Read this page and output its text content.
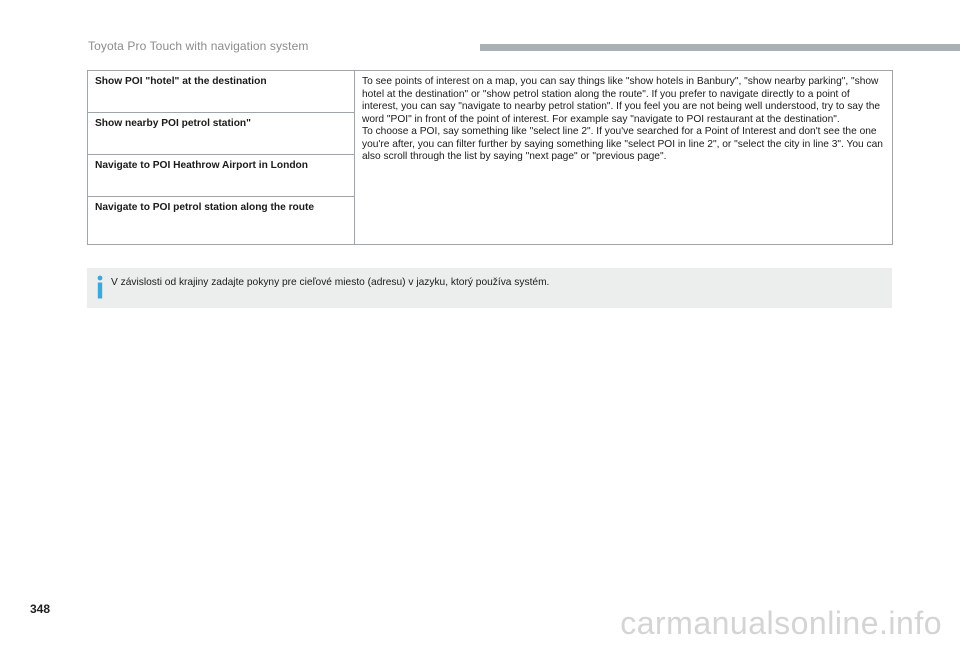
Toyota Pro Touch with navigation system
Show POI "hotel" at the destination	To see points of interest on a map, you can say things like "show hotels in Banbury", "show nearby parking", "show hotel at the destination" or "show petrol station along the route". If you prefer to navigate directly to a point of interest, you can say "navigate to nearby petrol station". If you feel you are not being well understood, try to say the word "POI" in front of the point of interest. For example say "navigate to POI restaurant at the destination".
To choose a POI, say something like "select line 2". If you've searched for a Point of Interest and don't see the one you're after, you can filter further by saying something like "select POI in line 2", or "select the city in line 3". You can also scroll through the list by saying "next page" or "previous page".

Show nearby POI petrol station"
Navigate to POI Heathrow Airport in London
Navigate to POI petrol station along the route
V závislosti od krajiny zadajte pokyny pre cieľové miesto (adresu) v jazyku, ktorý používa systém.
348	carmanualsonline.info
